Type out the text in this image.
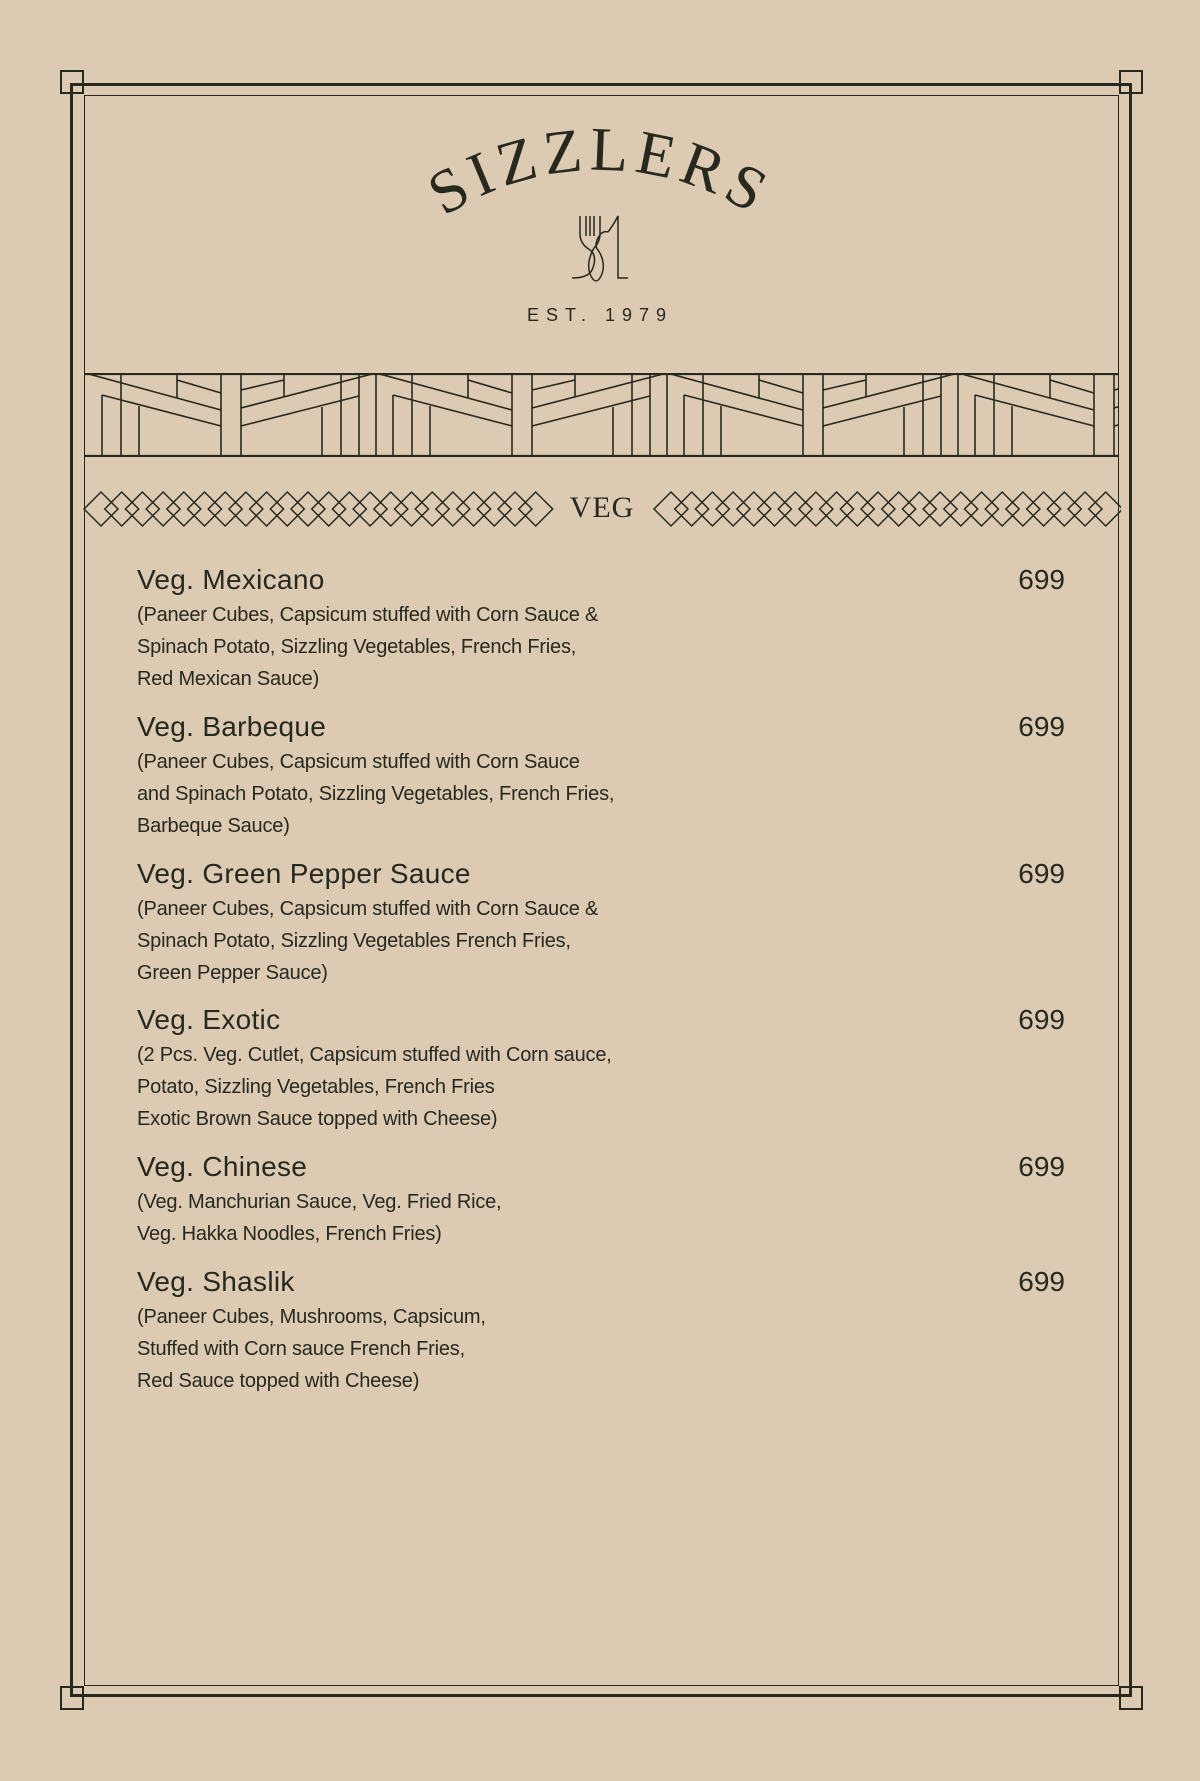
SIZZLERS
EST. 1979
VEG
Veg. Mexicano	699
(Paneer Cubes, Capsicum stuffed with Corn Sauce &
Spinach Potato, Sizzling Vegetables, French Fries,
Red Mexican Sauce)
Veg. Barbeque	699
(Paneer Cubes, Capsicum stuffed with Corn Sauce
and Spinach Potato, Sizzling Vegetables, French Fries,
Barbeque Sauce)
Veg. Green Pepper Sauce	699
(Paneer Cubes, Capsicum stuffed with Corn Sauce &
Spinach Potato, Sizzling Vegetables French Fries,
Green Pepper Sauce)
Veg. Exotic	699
(2 Pcs. Veg. Cutlet, Capsicum stuffed with Corn sauce,
Potato, Sizzling Vegetables, French Fries
Exotic Brown Sauce topped with Cheese)
Veg. Chinese	699
(Veg. Manchurian Sauce, Veg. Fried Rice,
Veg. Hakka Noodles, French Fries)
Veg. Shaslik	699
(Paneer Cubes, Mushrooms, Capsicum,
Stuffed with Corn sauce French Fries,
Red Sauce topped with Cheese)
